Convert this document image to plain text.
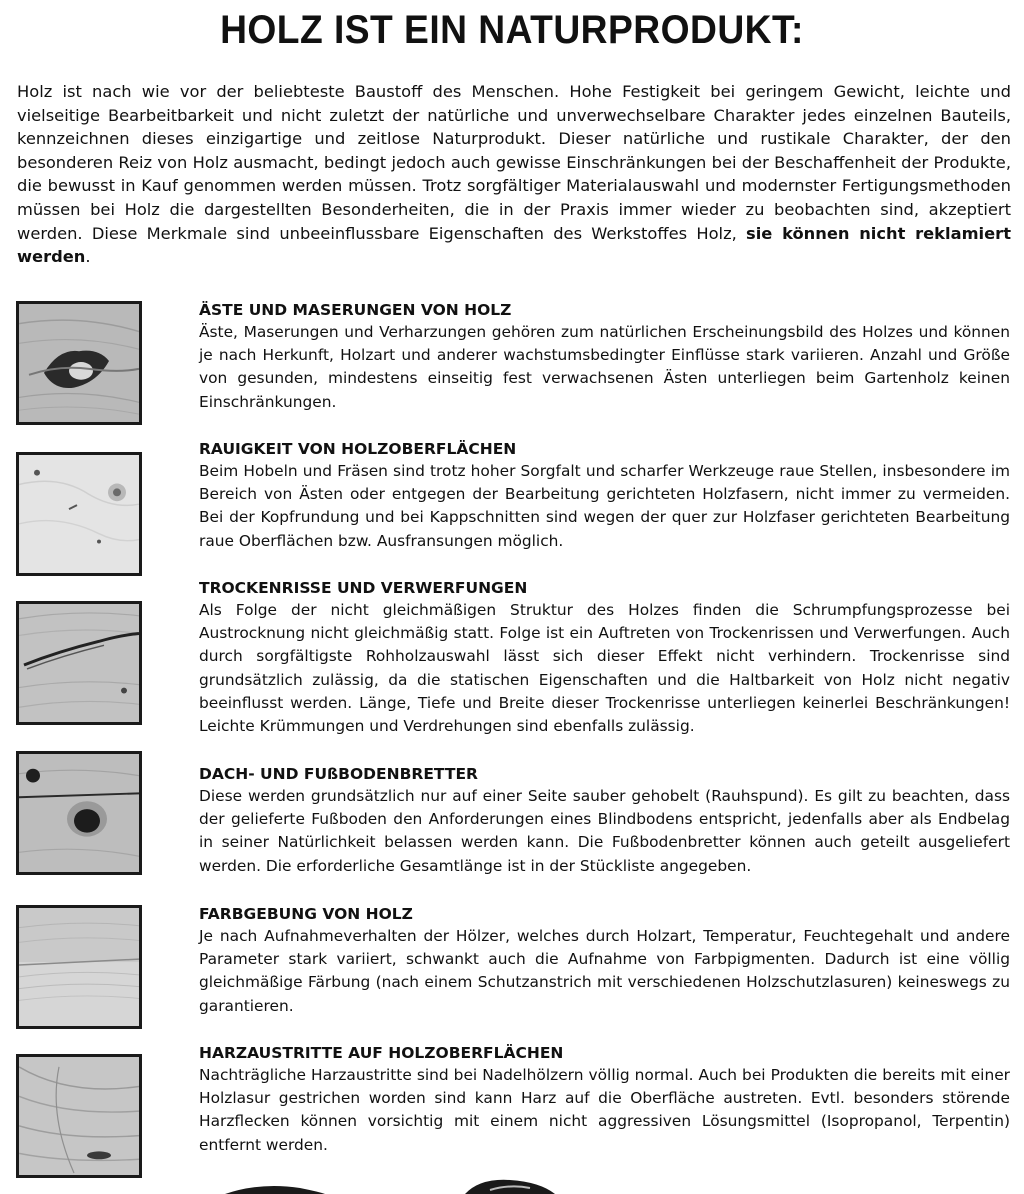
HOLZ IST EIN NATURPRODUKT:

Holz ist nach wie vor der beliebteste Baustoff des Menschen. Hohe Festigkeit bei geringem Gewicht, leichte und vielseitige Bearbeitbarkeit und nicht zuletzt der natürliche und unverwechselbare Charakter jedes einzelnen Bauteils, kennzeichnen dieses einzigartige und zeitlose Naturprodukt. Dieser natürliche und rustikale Charakter, der den besonderen Reiz von Holz ausmacht, bedingt jedoch auch gewisse Einschränkungen bei der Beschaffenheit der Produkte, die bewusst in Kauf genommen werden müssen. Trotz sorgfältiger Materialauswahl und modernster Fertigungsmethoden müssen bei Holz die dargestellten Besonderheiten, die in der Praxis immer wieder zu beobachten sind, akzeptiert werden. Diese Merkmale sind unbeeinflussbare Eigenschaften des Werkstoffes Holz, sie können nicht reklamiert werden.

ÄSTE UND MASERUNGEN VON HOLZ

Äste, Maserungen und Verharzungen gehören zum natürlichen Erscheinungsbild des Holzes und können je nach Herkunft, Holzart und anderer wachstumsbedingter Einflüsse stark variieren. Anzahl und Größe von gesunden, mindestens einseitig fest verwachsenen Ästen unterliegen beim Gartenholz keinen Einschränkungen.

RAUIGKEIT VON HOLZOBERFLÄCHEN

Beim Hobeln und Fräsen sind trotz hoher Sorgfalt und scharfer Werkzeuge raue Stellen, insbesondere im Bereich von Ästen oder entgegen der Bearbeitung gerichteten Holzfasern, nicht immer zu vermeiden. Bei der Kopfrundung und bei Kappschnitten sind wegen der quer zur Holzfaser gerichteten Bearbeitung raue Oberflächen bzw. Ausfransungen möglich.

TROCKENRISSE UND VERWERFUNGEN

Als Folge der nicht gleichmäßigen Struktur des Holzes finden die Schrumpfungsprozesse bei Austrocknung nicht gleichmäßig statt. Folge ist ein Auftreten von Trockenrissen und Verwerfungen. Auch durch sorgfältigste Rohholzauswahl lässt sich dieser Effekt nicht verhindern. Trockenrisse sind grundsätzlich zulässig, da die statischen Eigenschaften und die Haltbarkeit von Holz nicht negativ beeinflusst werden. Länge, Tiefe und Breite dieser Trockenrisse unterliegen keinerlei Beschränkungen! Leichte Krümmungen und Verdrehungen sind ebenfalls zulässig.

DACH- UND FUßBODENBRETTER

Diese werden grundsätzlich nur auf einer Seite sauber gehobelt (Rauhspund). Es gilt zu beachten, dass der gelieferte Fußboden den Anforderungen eines Blindbodens entspricht, jedenfalls aber als Endbelag in seiner Natürlichkeit belassen werden kann. Die Fußbodenbretter können auch geteilt ausgeliefert werden. Die erforderliche Gesamtlänge ist in der Stückliste angegeben.

FARBGEBUNG VON HOLZ

Je nach Aufnahmeverhalten der Hölzer, welches durch Holzart, Temperatur, Feuchtegehalt und andere Parameter stark variiert, schwankt auch die Aufnahme von Farbpigmenten. Dadurch ist eine völlig gleichmäßige Färbung (nach einem Schutzanstrich mit verschiedenen Holzschutzlasuren) keineswegs zu garantieren.

HARZAUSTRITTE AUF HOLZOBERFLÄCHEN

Nachträgliche Harzaustritte sind bei Nadelhölzern völlig normal. Auch bei Produkten die bereits mit einer Holzlasur gestrichen worden sind kann Harz auf die Oberfläche austreten. Evtl. besonders störende Harzflecken können vorsichtig mit einem nicht aggressiven Lösungsmittel (Isopropanol, Terpentin) entfernt werden.
